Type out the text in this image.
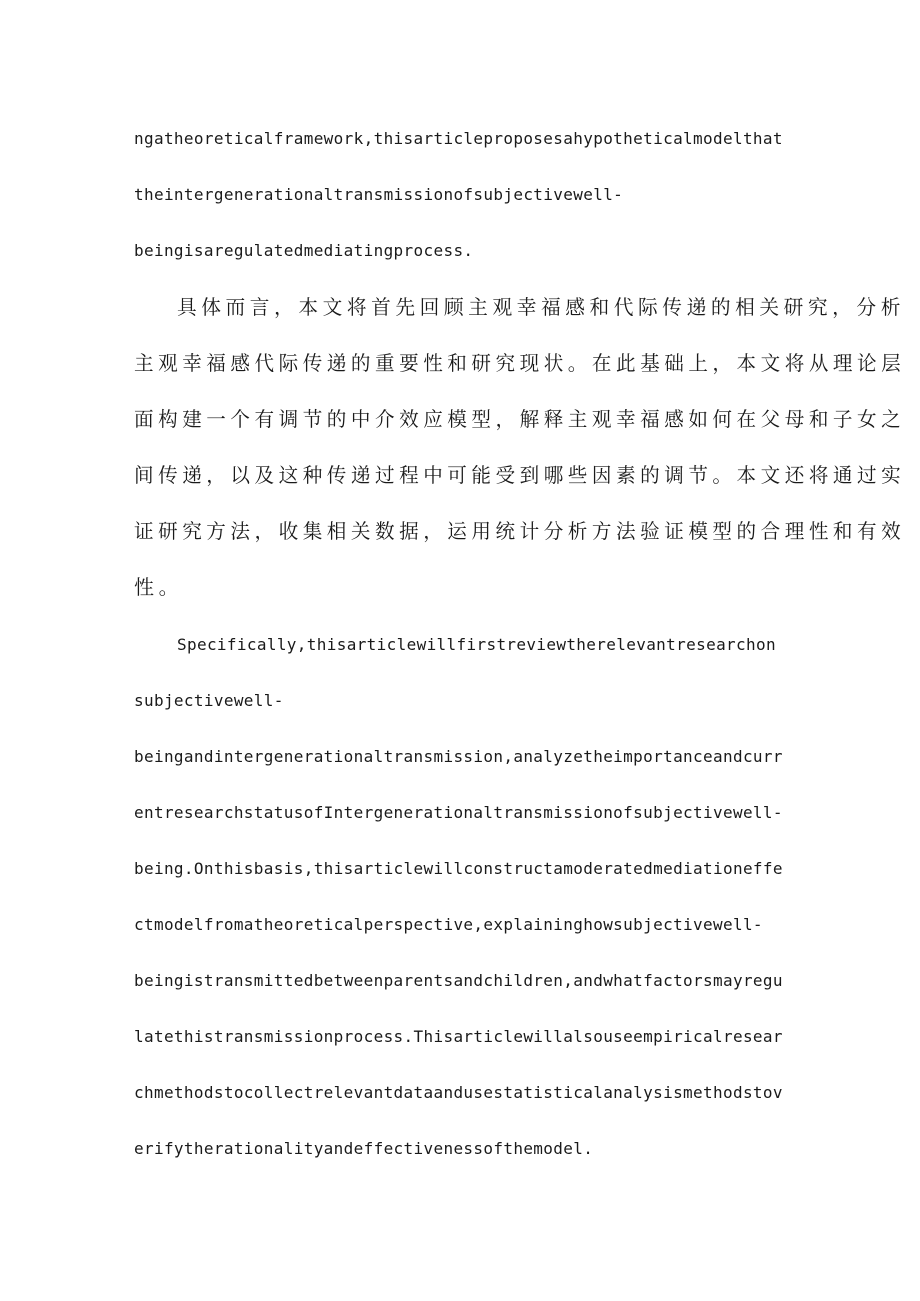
ngatheoreticalframework,thisarticleproposesahypotheticalmodelthat
theintergenerationaltransmissionofsubjectivewell-
beingisaregulatedmediatingprocess.
具体而言，本文将首先回顾主观幸福感和代际传递的相关研究，分析
主观幸福感代际传递的重要性和研究现状。在此基础上，本文将从理论层
面构建一个有调节的中介效应模型，解释主观幸福感如何在父母和子女之
间传递，以及这种传递过程中可能受到哪些因素的调节。本文还将通过实
证研究方法，收集相关数据，运用统计分析方法验证模型的合理性和有效
性。
Specifically,thisarticlewillfirstreviewtherelevantresearchon
subjectivewell-
beingandintergenerationaltransmission,analyzetheimportanceandcurr
entresearchstatusofIntergenerationaltransmissionofsubjectivewell-
being.Onthisbasis,thisarticlewillconstructamoderatedmediationeffe
ctmodelfromatheoreticalperspective,explaininghowsubjectivewell-
beingistransmittedbetweenparentsandchildren,andwhatfactorsmayregu
latethistransmissionprocess.Thisarticlewillalsouseempiricalresear
chmethodstocollectrelevantdataandusestatisticalanalysismethodstov
erifytherationalityandeffectivenessofthemodel.
